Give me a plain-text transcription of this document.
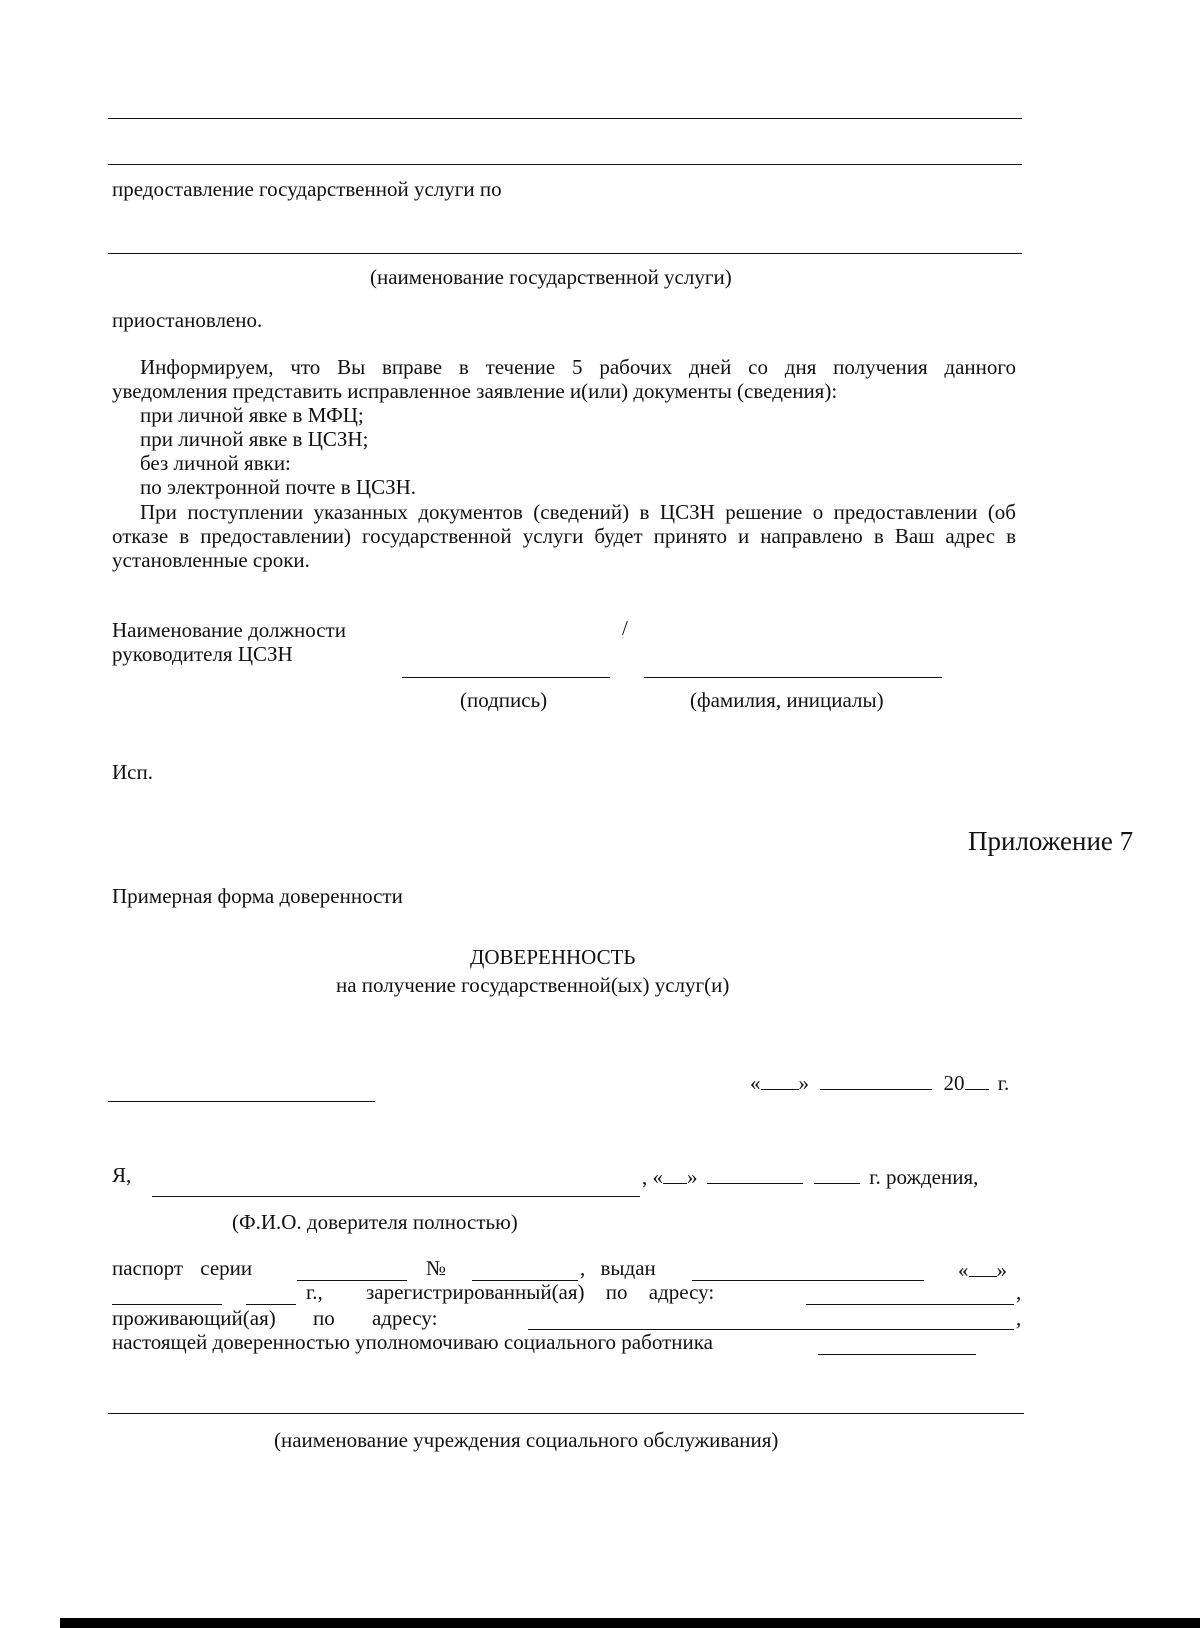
предоставление государственной услуги по
(наименование государственной услуги)
приостановлено.
Информируем, что Вы вправе в течение 5 рабочих дней со дня получения данного
уведомления представить исправленное заявление и(или) документы (сведения):
при личной явке в МФЦ;
при личной явке в ЦСЗН;
без личной явки:
по электронной почте в ЦСЗН.
При поступлении указанных документов (сведений) в ЦСЗН решение о предоставлении (об
отказе в предоставлении) государственной услуги будет принято и направлено в Ваш адрес в
установленные сроки.
Наименование должности
руководителя ЦСЗН
/
(подпись)	(фамилия, инициалы)
Исп.
Приложение 7
Примерная форма доверенности
ДОВЕРЕННОСТЬ
на получение государственной(ых) услуг(и)
« »	20 г.
Я,	, « »	г. рождения,
(Ф.И.О. доверителя полностью)
паспорт серии	№	, выдан	« »
г., зарегистрированный(ая) по адресу:	,
проживающий(ая) по адресу:	,
настоящей доверенностью уполномочиваю социального работника
(наименование учреждения социального обслуживания)
